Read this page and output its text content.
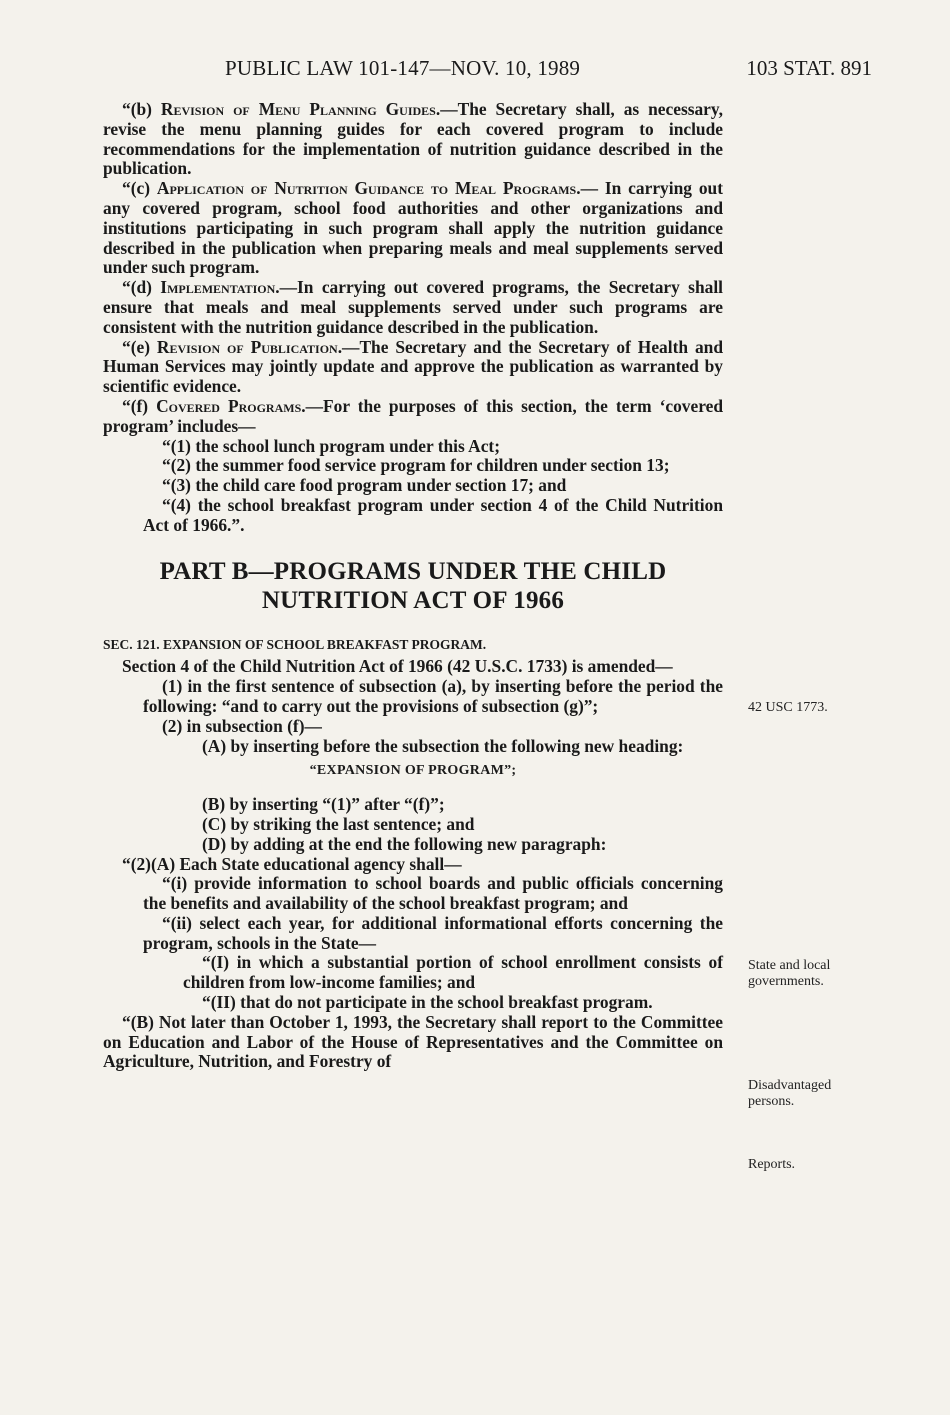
PUBLIC LAW 101-147—NOV. 10, 1989	103 STAT. 891

“(b) Revision of Menu Planning Guides.—The Secretary shall, as necessary, revise the menu planning guides for each covered program to include recommendations for the implementation of nutrition guidance described in the publication.

“(c) Application of Nutrition Guidance to Meal Programs.— In carrying out any covered program, school food authorities and other organizations and institutions participating in such program shall apply the nutrition guidance described in the publication when preparing meals and meal supplements served under such program.

“(d) Implementation.—In carrying out covered programs, the Secretary shall ensure that meals and meal supplements served under such programs are consistent with the nutrition guidance described in the publication.

“(e) Revision of Publication.—The Secretary and the Secretary of Health and Human Services may jointly update and approve the publication as warranted by scientific evidence.

“(f) Covered Programs.—For the purposes of this section, the term ‘covered program’ includes—

“(1) the school lunch program under this Act;

“(2) the summer food service program for children under section 13;

“(3) the child care food program under section 17; and

“(4) the school breakfast program under section 4 of the Child Nutrition Act of 1966.”.

PART B—PROGRAMS UNDER THE CHILD
NUTRITION ACT OF 1966

SEC. 121. EXPANSION OF SCHOOL BREAKFAST PROGRAM.

Section 4 of the Child Nutrition Act of 1966 (42 U.S.C. 1733) is amended—

(1) in the first sentence of subsection (a), by inserting before the period the following: “and to carry out the provisions of subsection (g)”;

(2) in subsection (f)—

(A) by inserting before the subsection the following new heading:

“EXPANSION OF PROGRAM”;

(B) by inserting “(1)” after “(f)”;

(C) by striking the last sentence; and

(D) by adding at the end the following new paragraph:

“(2)(A) Each State educational agency shall—

“(i) provide information to school boards and public officials concerning the benefits and availability of the school breakfast program; and

“(ii) select each year, for additional informational efforts concerning the program, schools in the State—

“(I) in which a substantial portion of school enrollment consists of children from low-income families; and

“(II) that do not participate in the school breakfast program.

“(B) Not later than October 1, 1993, the Secretary shall report to the Committee on Education and Labor of the House of Representatives and the Committee on Agriculture, Nutrition, and Forestry of

42 USC 1773.
State and local governments.
Disadvantaged persons.
Reports.
